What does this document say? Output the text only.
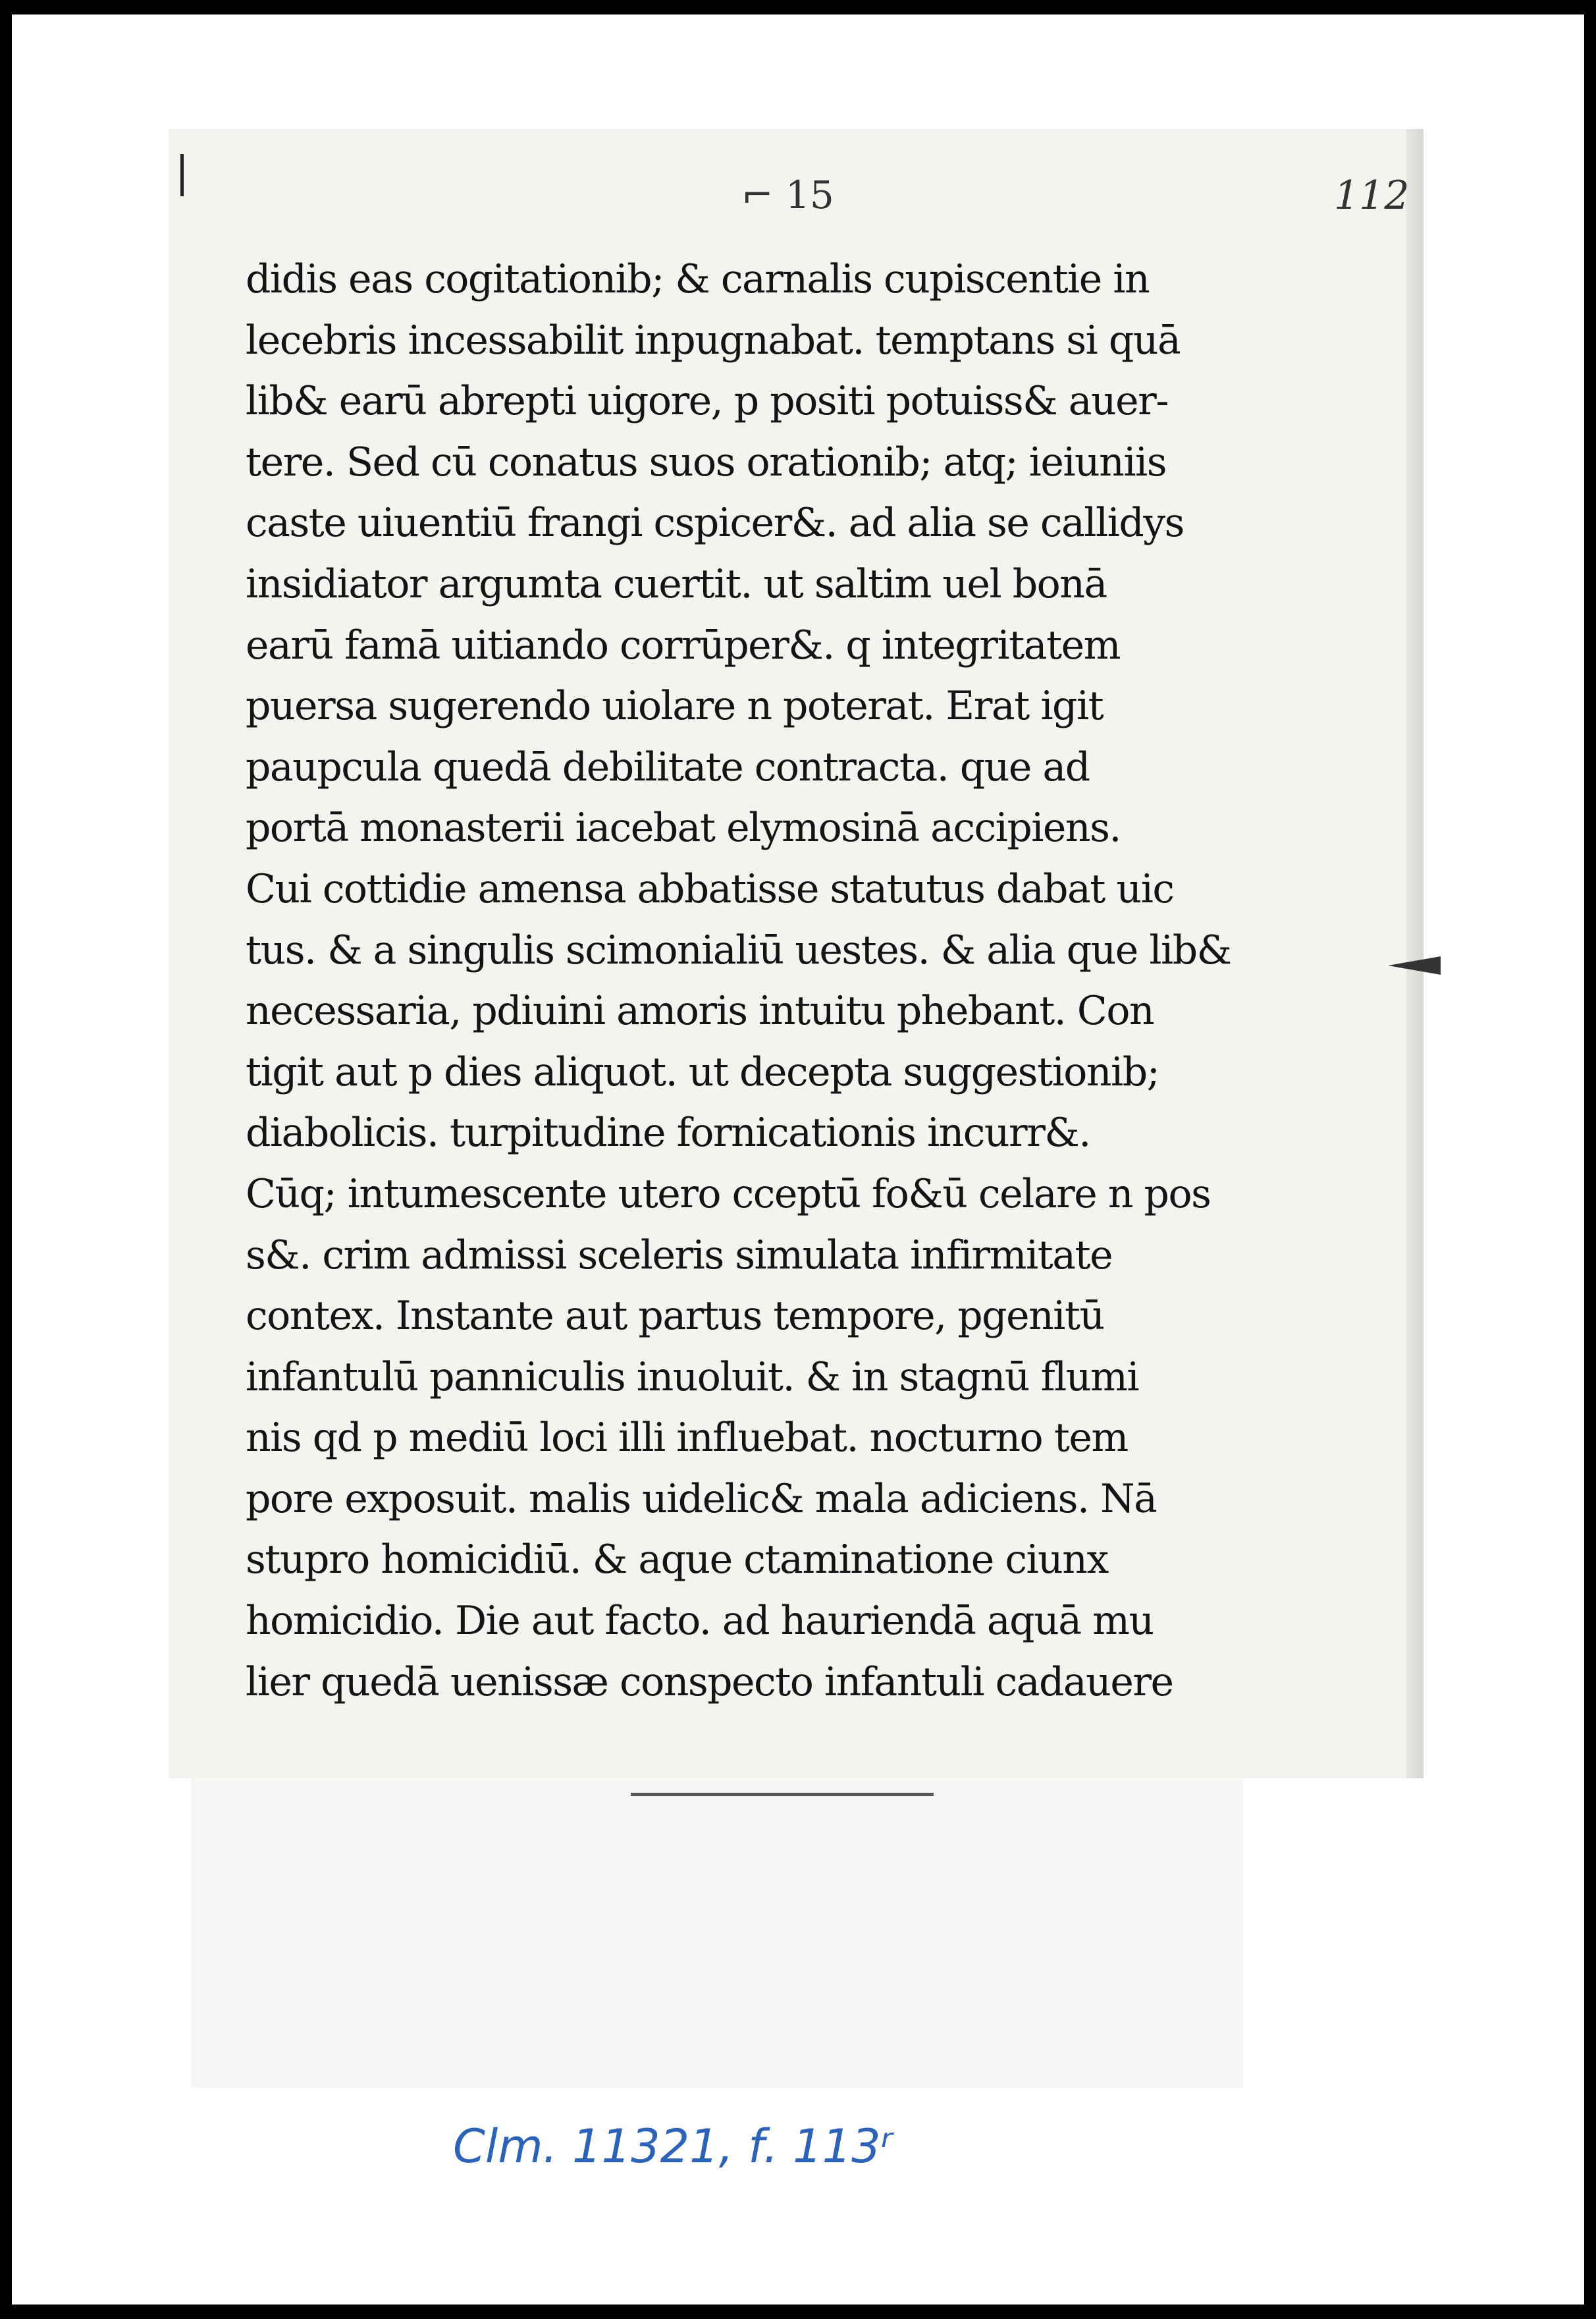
⌐ 15	112
didis eas cogitationib; & carnalis cupiscentie in
lecebris incessabilit inpugnabat. temptans si quā
lib& earū abrepti uigore, p positi potuiss& auer-
tere. Sed cū conatus suos orationib; atq; ieiuniis
caste uiuentiū frangi cspicer&. ad alia se callidys
insidiator argumta cuertit. ut saltim uel bonā
earū famā uitiando corrūper&. q integritatem
puersa sugerendo uiolare n poterat. Erat igit
paupcula quedā debilitate contracta. que ad
portā monasterii iacebat elymosinā accipiens.
Cui cottidie amensa abbatisse statutus dabat uic
tus. & a singulis scimonialiū uestes. & alia que lib&
necessaria, pdiuini amoris intuitu phebant. Con
tigit aut p dies aliquot. ut decepta suggestionib;
diabolicis. turpitudine fornicationis incurr&.
Cūq; intumescente utero cceptū fo&ū celare n pos
s&. crim admissi sceleris simulata infirmitate
contex. Instante aut partus tempore, pgenitū
infantulū panniculis inuoluit. & in stagnū flumi
nis qd p mediū loci illi influebat. nocturno tem
pore exposuit. malis uidelic& mala adiciens. Nā
stupro homicidiū. & aque ctaminatione ciunx
homicidio. Die aut facto. ad hauriendā aquā mu
lier quedā uenissæ conspecto infantuli cadauere
Clm. 11321, f. 113ʳ
